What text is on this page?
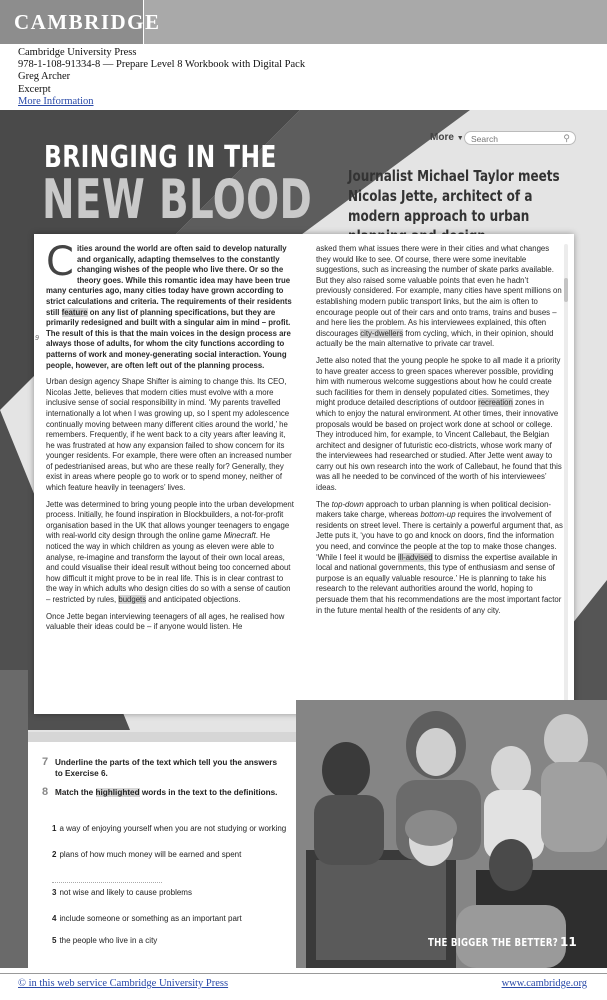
CAMBRIDGE
Cambridge University Press
978-1-108-91334-8 — Prepare Level 8 Workbook with Digital Pack
Greg Archer
Excerpt
More Information
BRINGING IN THE
NEW BLOOD
More ▼
Search	⚲
Journalist Michael Taylor meets Nicolas Jette, architect of a modern approach to urban
9

Cities around the world are often said to develop naturally and organically, adapting themselves to the constantly changing wishes of the people who live there. Or so the theory goes. While this romantic idea may have been true many centuries ago, many cities today have grown according to strict calculations and criteria. The requirements of their residents still feature on any list of planning specifications, but they are primarily redesigned and built with a singular aim in mind – profit. The result of this is that the main voices in the design process are always those of adults, for whom the city functions according to patterns of work and money-generating social interaction. Young people, however, are often left out of the planning process.

Urban design agency Shape Shifter is aiming to change this. Its CEO, Nicolas Jette, believes that modern cities must evolve with a more inclusive sense of social responsibility in mind. ‘My parents travelled internationally a lot when I was growing up, so I spent my adolescence continually moving between many different cities around the world,’ he remembers. Frequently, if he went back to a city years after leaving it, he was frustrated at how any expansion failed to show concern for its younger residents. For example, there were often an increased number of pedestrianised areas, but who are these really for? Generally, they exist in areas where people go to work or to spend money, neither of which feature heavily in teenagers’ lives.

Jette was determined to bring young people into the urban development process. Initially, he found inspiration in Blockbuilders, a not-for-profit organisation based in the UK that allows younger teenagers to engage with real-world city design through the online game Minecraft. He noticed the way in which children as young as eleven were able to analyse, re-imagine and transform the layout of their own local areas, and could visualise their ideal result without being too concerned about how difficult it might prove to be in real life. This is in clear contrast to the way in which adults who design cities do so with a sense of caution – restricted by rules, budgets and anticipated objections.

Once Jette began interviewing teenagers of all ages, he realised how valuable their ideas could be – if anyone would listen. He

asked them what issues there were in their cities and what changes they would like to see. Of course, there were some inevitable suggestions, such as increasing the number of skate parks available. But they also raised some valuable points that even he hadn’t previously considered. For example, many cities have spent millions on establishing modern public transport links, but the aim is often to encourage people out of their cars and onto trams, trains and buses – and here lies the problem. As his interviewees explained, this often discourages city-dwellers from cycling, which, in their opinion, should actually be the main alternative to private car travel.

Jette also noted that the young people he spoke to all made it a priority to have greater access to green spaces wherever possible, providing him with numerous welcome suggestions about how he could create such facilities for them in densely populated cities. Sometimes, they might produce detailed descriptions of outdoor recreation zones in which to enjoy the natural environment. At other times, their innovative proposals would be based on project work done at school or college. They introduced him, for example, to Vincent Callebaut, the Belgian architect and designer of futuristic eco-districts, whose work many of the interviewees had researched or studied. After Jette went away to carry out his own research into the work of Callebaut, he found that this was all he needed to be convinced of the worth of his interviewees’ ideas.

The top-down approach to urban planning is when political decision-makers take charge, whereas bottom-up requires the involvement of residents on street level. There is certainly a powerful argument that, as Jette puts it, ‘you have to go and knock on doors, find the information you need, and convince the people at the top to make those changes. ‘While I feel it would be ill-advised to dismiss the expertise available in local and national governments, this type of enthusiasm and sense of purpose is an equally valuable resource.’ He is planning to take his research to the relevant authorities around the world, hoping to persuade them that his recommendations are the most important factor in the future mental health of the residents of any city.

7 Underline the parts of the text which tell you the answers to Exercise 6.
8 Match the highlighted words in the text to the definitions.
1 a way of enjoying yourself when you are not studying or working
2 plans of how much money will be earned and spent
3 not wise and likely to cause problems
4 include someone or something as an important part
5 the people who live in a city	THE BIGGER THE BETTER? 11
© in this web service Cambridge University Press	www.cambridge.org
